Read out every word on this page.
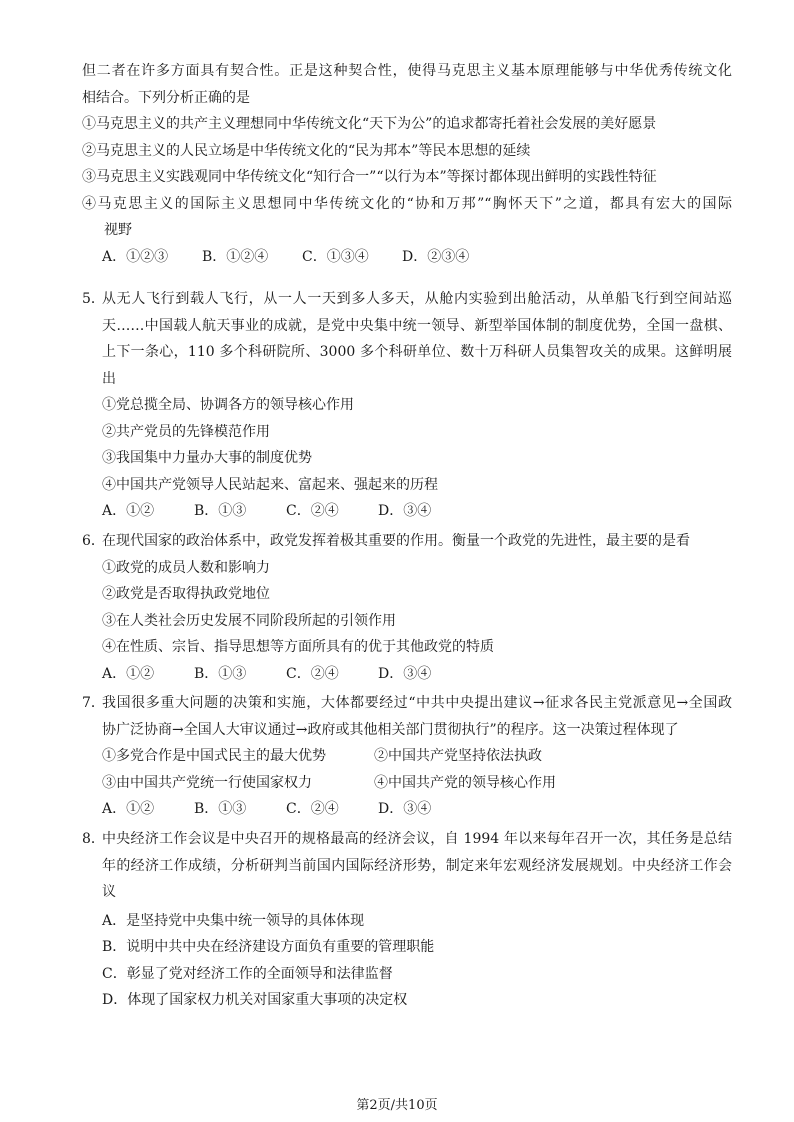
但二者在许多方面具有契合性。正是这种契合性，使得马克思主义基本原理能够与中华优秀传统文化
相结合。下列分析正确的是
①马克思主义的共产主义理想同中华传统文化“天下为公”的追求都寄托着社会发展的美好愿景
②马克思主义的人民立场是中华传统文化的“民为邦本”等民本思想的延续
③马克思主义实践观同中华传统文化“知行合一”“以行为本”等探讨都体现出鲜明的实践性特征
④马克思主义的国际主义思想同中华传统文化的“协和万邦”“胸怀天下”之道，都具有宏大的国际
视野
A．①②③ B．①②④ C．①③④ D．②③④
5．
从无人飞行到载人飞行，从一人一天到多人多天，从舱内实验到出舱活动，从单船飞行到空间站巡
天……中国载人航天事业的成就，是党中央集中统一领导、新型举国体制的制度优势，全国一盘棋、
上下一条心，110 多个科研院所、3000 多个科研单位、数十万科研人员集智攻关的成果。这鲜明展
出
①党总揽全局、协调各方的领导核心作用
②共产党员的先锋模范作用
③我国集中力量办大事的制度优势
④中国共产党领导人民站起来、富起来、强起来的历程
A．①②	B．①③	C．②④	D．③④
6．
在现代国家的政治体系中，政党发挥着极其重要的作用。衡量一个政党的先进性，最主要的是看
①政党的成员人数和影响力
②政党是否取得执政党地位
③在人类社会历史发展不同阶段所起的引领作用
④在性质、宗旨、指导思想等方面所具有的优于其他政党的特质
A．①②	B．①③	C．②④	D．③④
7．
我国很多重大问题的决策和实施，大体都要经过“中共中央提出建议→征求各民主党派意见→全国政
协广泛协商→全国人大审议通过→政府或其他相关部门贯彻执行”的程序。这一决策过程体现了
①多党合作是中国式民主的最大优势	②中国共产党坚持依法执政
③由中国共产党统一行使国家权力	④中国共产党的领导核心作用
A．①②	B．①③	C．②④	D．③④
8．
中央经济工作会议是中央召开的规格最高的经济会议，自 1994 年以来每年召开一次，其任务是总结
年的经济工作成绩，分析研判当前国内国际经济形势，制定来年宏观经济发展规划。中央经济工作会
议
A．是坚持党中央集中统一领导的具体体现
B．说明中共中央在经济建设方面负有重要的管理职能
C．彰显了党对经济工作的全面领导和法律监督
D．体现了国家权力机关对国家重大事项的决定权
第2页/共10页
